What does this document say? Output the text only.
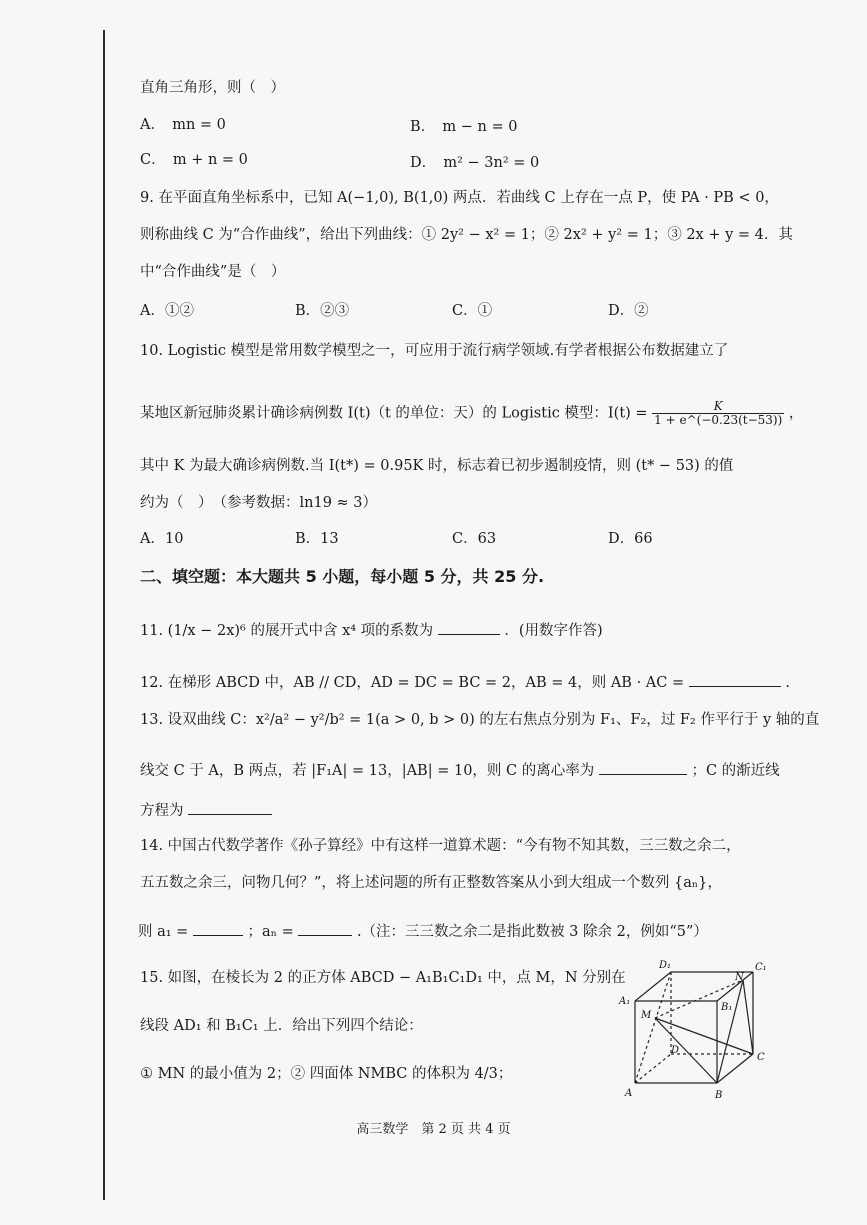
直角三角形，则（　）
A．　mn = 0	B．　m − n = 0
C．　m + n = 0	D．　m² − 3n² = 0
9. 在平面直角坐标系中，已知 A(−1,0), B(1,0) 两点．若曲线 C 上存在一点 P，使 PA · PB < 0，
则称曲线 C 为“合作曲线”，给出下列曲线：① 2y² − x² = 1；② 2x² + y² = 1；③ 2x + y = 4．其
中“合作曲线”是（　）
A．①②	B．②③	C．①	D．②
10. Logistic 模型是常用数学模型之一，可应用于流行病学领域.有学者根据公布数据建立了
某地区新冠肺炎累计确诊病例数 I(t)（t 的单位：天）的 Logistic 模型：$I(t) = \frac{K}{1 + e\^{}(-0.23(t-53))}$ ，
其中 K 为最大确诊病例数.当 I(t*) = 0.95K 时，标志着已初步遏制疫情，则 (t* − 53) 的值
约为（　）　（参考数据：ln19 ≈ 3）
A．10	B．13	C．63	D．66
二、填空题：本大题共 5 小题，每小题 5 分，共 25 分.
11. (1/x − 2x)⁶ 的展开式中含 x⁴ 项的系数为	．(用数字作答)
12. 在梯形 ABCD 中，AB // CD，AD = DC = BC = 2，AB = 4，则 AB · AC =	.
13. 设双曲线 C：x²/a² − y²/b² = 1(a > 0, b > 0) 的左右焦点分别为 F₁、F₂，过 F₂ 作平行于 y 轴的直
线交 C 于 A，B 两点，若 |F₁A| = 13，|AB| = 10，则 C 的离心率为	；C 的渐近线
方程为
14. 中国古代数学著作《孙子算经》中有这样一道算术题：“今有物不知其数，三三数之余二，
五五数之余三，问物几何？”，将上述问题的所有正整数答案从小到大组成一个数列 {aₙ}，
则 a₁ =	；aₙ =	.（注：三三数之余二是指此数被 3 除余 2，例如“5”）
15. 如图，在棱长为 2 的正方体 ABCD − A₁B₁C₁D₁ 中，点 M，N 分别在
线段 AD₁ 和 B₁C₁ 上．给出下列四个结论：
① MN 的最小值为 2；② 四面体 NMBC 的体积为 4/3；
D₁	C₁
N
A₁
M
B₁
D
C
A	B
高三数学　第 2 页 共 4 页
